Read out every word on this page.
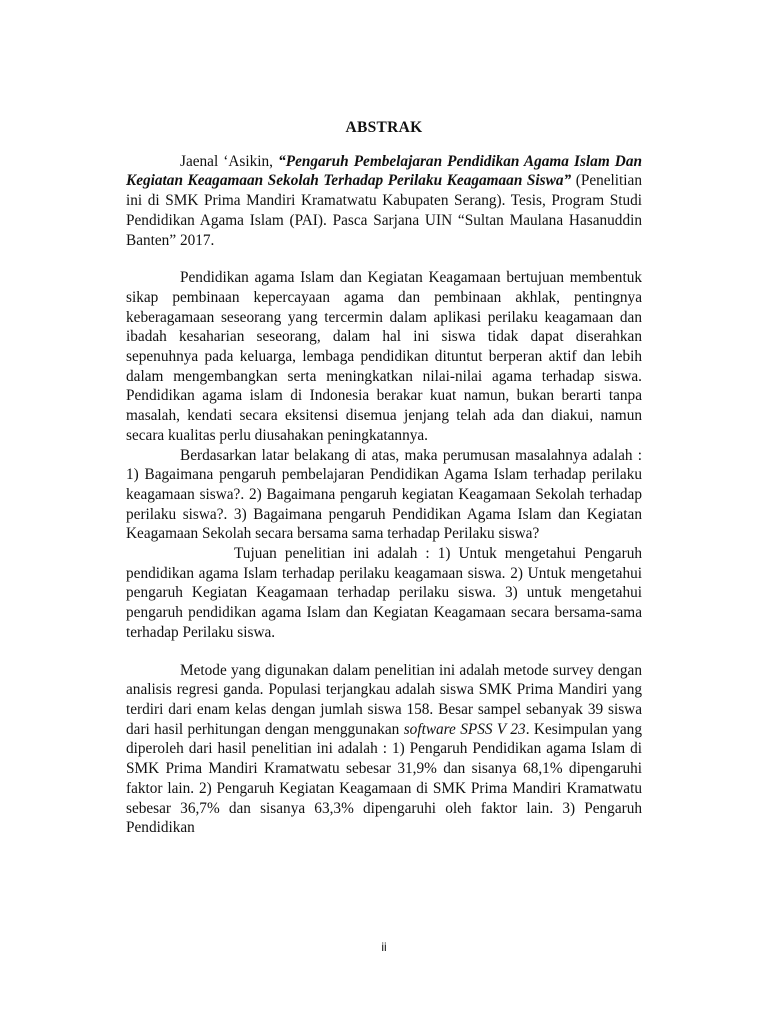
ABSTRAK

Jaenal ‘Asikin, “Pengaruh Pembelajaran Pendidikan Agama Islam Dan Kegiatan Keagamaan Sekolah Terhadap Perilaku Keagamaan Siswa” (Penelitian ini di SMK Prima Mandiri Kramatwatu Kabupaten Serang). Tesis, Program Studi Pendidikan Agama Islam (PAI). Pasca Sarjana UIN “Sultan Maulana Hasanuddin Banten” 2017.

Pendidikan agama Islam dan Kegiatan Keagamaan bertujuan membentuk sikap pembinaan kepercayaan agama dan pembinaan akhlak, pentingnya keberagamaan seseorang yang tercermin dalam aplikasi perilaku keagamaan dan ibadah kesaharian seseorang, dalam hal ini siswa tidak dapat diserahkan sepenuhnya pada keluarga, lembaga pendidikan dituntut berperan aktif dan lebih dalam mengembangkan serta meningkatkan nilai-nilai agama terhadap siswa. Pendidikan agama islam di Indonesia berakar kuat namun, bukan berarti tanpa masalah, kendati secara eksitensi disemua jenjang telah ada dan diakui, namun secara kualitas perlu diusahakan peningkatannya.

Berdasarkan latar belakang di atas, maka perumusan masalahnya adalah : 1) Bagaimana pengaruh pembelajaran Pendidikan Agama Islam terhadap perilaku keagamaan siswa?. 2) Bagaimana pengaruh kegiatan Keagamaan Sekolah terhadap perilaku siswa?. 3) Bagaimana pengaruh Pendidikan Agama Islam dan Kegiatan Keagamaan Sekolah secara bersama sama terhadap Perilaku siswa?

Tujuan penelitian ini adalah : 1) Untuk mengetahui Pengaruh pendidikan agama Islam terhadap perilaku keagamaan siswa. 2) Untuk mengetahui pengaruh Kegiatan Keagamaan terhadap perilaku siswa. 3) untuk mengetahui pengaruh pendidikan agama Islam dan Kegiatan Keagamaan secara bersama-sama terhadap Perilaku siswa.

Metode yang digunakan dalam penelitian ini adalah metode survey dengan analisis regresi ganda. Populasi terjangkau adalah siswa SMK Prima Mandiri yang terdiri dari enam kelas dengan jumlah siswa 158. Besar sampel sebanyak 39 siswa dari hasil perhitungan dengan menggunakan software SPSS V 23. Kesimpulan yang diperoleh dari hasil penelitian ini adalah : 1) Pengaruh Pendidikan agama Islam di SMK Prima Mandiri Kramatwatu sebesar 31,9% dan sisanya 68,1% dipengaruhi faktor lain. 2) Pengaruh Kegiatan Keagamaan di SMK Prima Mandiri Kramatwatu sebesar 36,7% dan sisanya 63,3% dipengaruhi oleh faktor lain. 3) Pengaruh Pendidikan

ii
